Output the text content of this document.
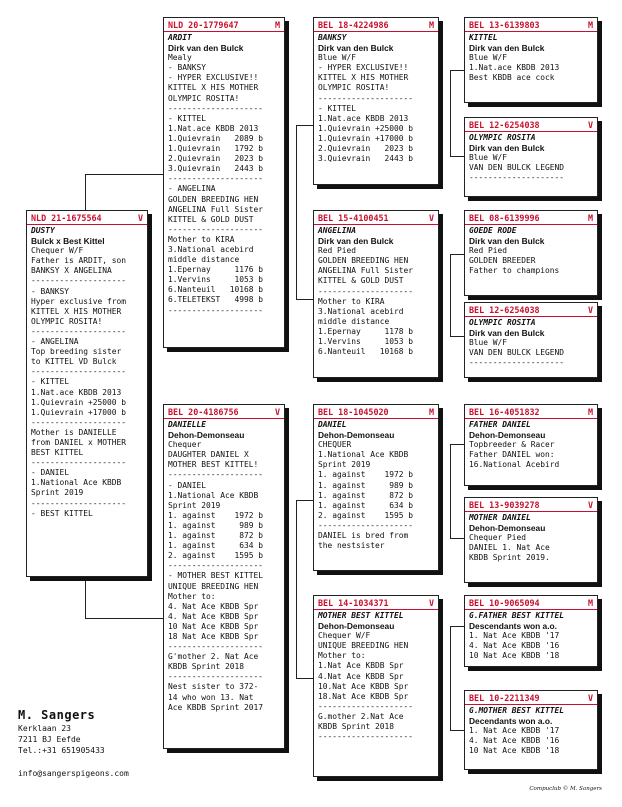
NLD 21-1675564	V
DUSTY
Bulck x Best Kittel
Chequer W/F
Father is ARDIT, son
BANKSY X ANGELINA
--------------------
- BANKSY
Hyper exclusive from
KITTEL X HIS MOTHER
OLYMPIC ROSITA!
--------------------
- ANGELINA
Top breeding sister
to KITTEL VD Bulck
--------------------
- KITTEL
1.Nat.ace KBDB 2013
1.Quievrain +25000 b
1.Quievrain +17000 b
--------------------
Mother is DANIELLE
from DANIEL x MOTHER
BEST KITTEL
--------------------
- DANIEL
1.National Ace KBDB
Sprint 2019
--------------------
- BEST KITTEL
NLD 20-1779647	M
ARDIT
Dirk van den Bulck
Mealy
- BANKSY
- HYPER EXCLUSIVE!!
KITTEL X HIS MOTHER
OLYMPIC ROSITA!
--------------------
- KITTEL
1.Nat.ace KBDB 2013
1.Quievrain   2089 b
1.Quievrain   1792 b
2.Quievrain   2023 b
3.Quievrain   2443 b
--------------------
- ANGELINA
GOLDEN BREEDING HEN
ANGELINA Full Sister
KITTEL & GOLD DUST
--------------------
Mother to KIRA
3.National acebird
middle distance
1.Epernay     1176 b
1.Vervins     1053 b
6.Nanteuil   10168 b
6.TELETEKST   4998 b
--------------------
BEL 20-4186756	V
DANIELLE
Dehon-Demonseau
Chequer
DAUGHTER DANIEL X
MOTHER BEST KITTEL!
--------------------
- DANIEL
1.National Ace KBDB
Sprint 2019
1. against    1972 b
1. against     989 b
1. against     872 b
1. against     634 b
2. against    1595 b
--------------------
- MOTHER BEST KITTEL
UNIQUE BREEDING HEN
Mother to:
4. Nat Ace KBDB Spr
4. Nat Ace KBDB Spr
10 Nat Ace KBDB Spr
18 Nat Ace KBDB Spr
--------------------
G'mother 2. Nat Ace
KBDB Sprint 2018
--------------------
Nest sister to 372-
14 who won 13. Nat
Ace KBDB Sprint 2017
BEL 18-4224986	M
BANKSY
Dirk van den Bulck
Blue W/F
- HYPER EXCLUSIVE!!
KITTEL X HIS MOTHER
OLYMPIC ROSITA!
--------------------
- KITTEL
1.Nat.ace KBDB 2013
1.Quievrain +25000 b
1.Quievrain +17000 b
2.Quievrain   2023 b
3.Quievrain   2443 b
BEL 15-4100451	V
ANGELINA
Dirk van den Bulck
Red Pied
GOLDEN BREEDING HEN
ANGELINA Full Sister
KITTEL & GOLD DUST
--------------------
Mother to KIRA
3.National acebird
middle distance
1.Epernay     1178 b
1.Vervins     1053 b
6.Nanteuil   10168 b
BEL 18-1045020	M
DANIEL
Dehon-Demonseau
CHEQUER
1.National Ace KBDB
Sprint 2019
1. against    1972 b
1. against     989 b
1. against     872 b
1. against     634 b
2. against    1595 b
--------------------
DANIEL is bred from
the nestsister
BEL 14-1034371	V
MOTHER BEST KITTEL
Dehon-Demonseau
Chequer W/F
UNIQUE BREEDING HEN
Mother to:
1.Nat Ace KBDB Spr
4.Nat Ace KBDB Spr
10.Nat Ace KBDB Spr
18.Nat Ace KBDB Spr
--------------------
G.mother 2.Nat Ace
KBDB Sprint 2018
--------------------
BEL 13-6139803	M
KITTEL
Dirk van den Bulck
Blue W/F
1.Nat.ace KBDB 2013
Best KBDB ace cock
BEL 12-6254038	V
OLYMPIC ROSITA
Dirk van den Bulck
Blue W/F
VAN DEN BULCK LEGEND
--------------------
BEL 08-6139996	M
GOEDE RODE
Dirk van den Bulck
Red Pied
GOLDEN BREEDER
Father to champions
BEL 12-6254038	V
OLYMPIC ROSITA
Dirk van den Bulck
Blue W/F
VAN DEN BULCK LEGEND
--------------------
BEL 16-4051832	M
FATHER DANIEL
Dehon-Demonseau
Topbreeder & Racer
Father DANIEL won:
16.National Acebird
BEL 13-9039278	V
MOTHER DANIEL
Dehon-Demonseau
Chequer Pied
DANIEL 1. Nat Ace
KBDB Sprint 2019.
BEL 10-9065094	M
G.FATHER BEST KITTEL
Descendants won a.o.
1. Nat Ace KBDB '17
4. Nat Ace KBDB '16
10 Nat Ace KBDB '18
BEL 10-2211349	V
G.MOTHER BEST KITTEL
Decendants won a.o.
1. Nat Ace KBDB '17
4. Nat Ace KBDB '16
10 Nat Ace KBDB '18
M. Sangers
Kerklaan 23
7211 BJ Eefde
Tel.:+31 651905433
info@sangerspigeons.com
Compuclub © M. Sangers
